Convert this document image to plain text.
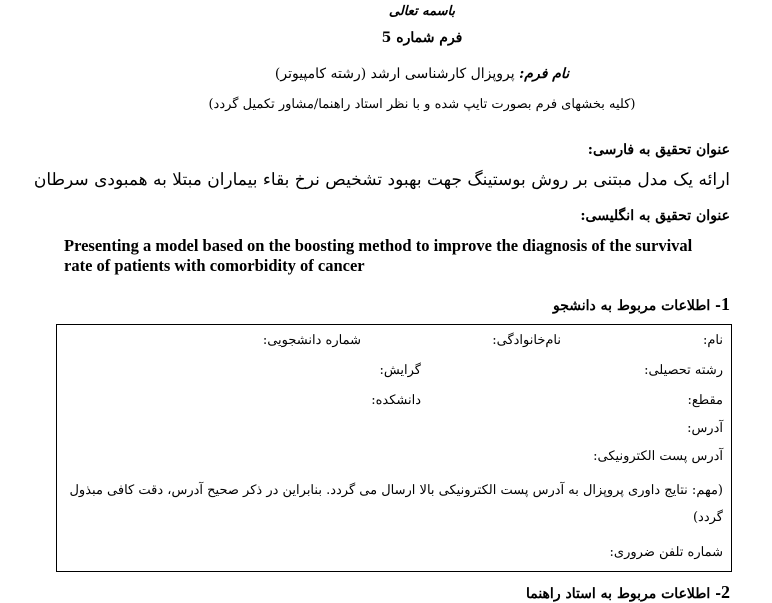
باسمه تعالی
فرم شماره 5
نام فرم: پروپزال کارشناسی ارشد (رشته کامپیوتر)
(کلیه بخشهای فرم بصورت تایپ شده و با نظر استاد راهنما/مشاور تکمیل گردد)
عنوان تحقیق به فارسی:
ارائه یک مدل مبتنی بر روش بوستینگ جهت بهبود تشخیص نرخ بقاء بیماران مبتلا به همبودی سرطان
عنوان تحقیق به انگلیسی:
Presenting a model based on the boosting method to improve the diagnosis of the survival rate of patients with comorbidity of cancer
1- اطلاعات مربوط به دانشجو
نام:
نام‌خانوادگی:
شماره دانشجویی:
رشته تحصیلی:
گرایش:
مقطع:
دانشکده:
آدرس:
آدرس پست الکترونیکی:
(مهم: نتایج داوری پروپزال به آدرس پست الکترونیکی بالا ارسال می گردد. بنابراین در ذکر صحیح آدرس، دقت کافی مبذول گردد)
شماره تلفن ضروری:
2- اطلاعات مربوط به استاد راهنما
